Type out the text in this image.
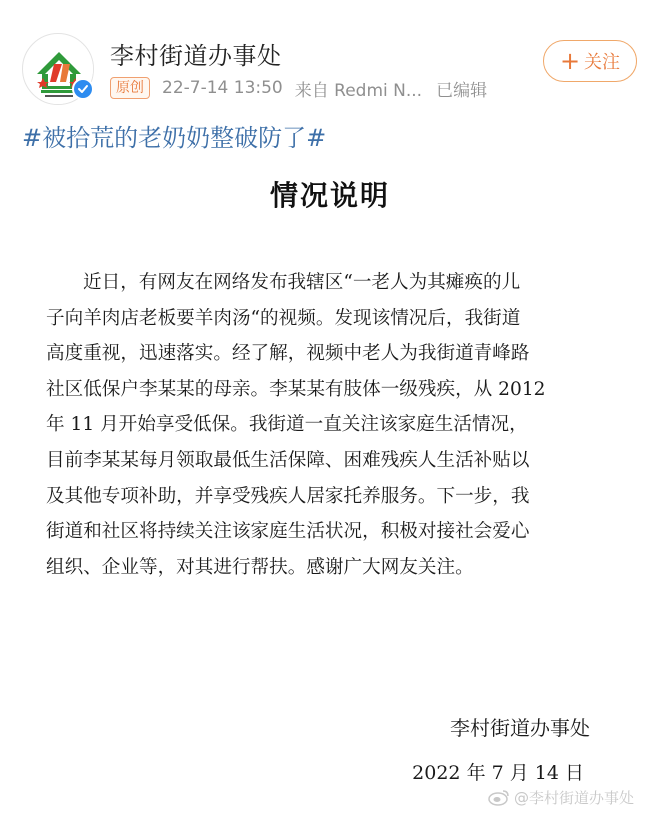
李村街道办事处
原创	22-7-14 13:50 来自 Redmi N... 已编辑
+ 关注
#被拾荒的老奶奶整破防了#
情况说明
近日，有网友在网络发布我辖区“一老人为其瘫痪的儿
子向羊肉店老板要羊肉汤“的视频。发现该情况后，我街道
高度重视，迅速落实。经了解，视频中老人为我街道青峰路
社区低保户李某某的母亲。李某某有肢体一级残疾，从 2012
年 11 月开始享受低保。我街道一直关注该家庭生活情况，
目前李某某每月领取最低生活保障、困难残疾人生活补贴以
及其他专项补助，并享受残疾人居家托养服务。下一步，我
街道和社区将持续关注该家庭生活状况，积极对接社会爱心
组织、企业等，对其进行帮扶。感谢广大网友关注。
李村街道办事处
2022 年 7 月 14 日
@李村街道办事处
